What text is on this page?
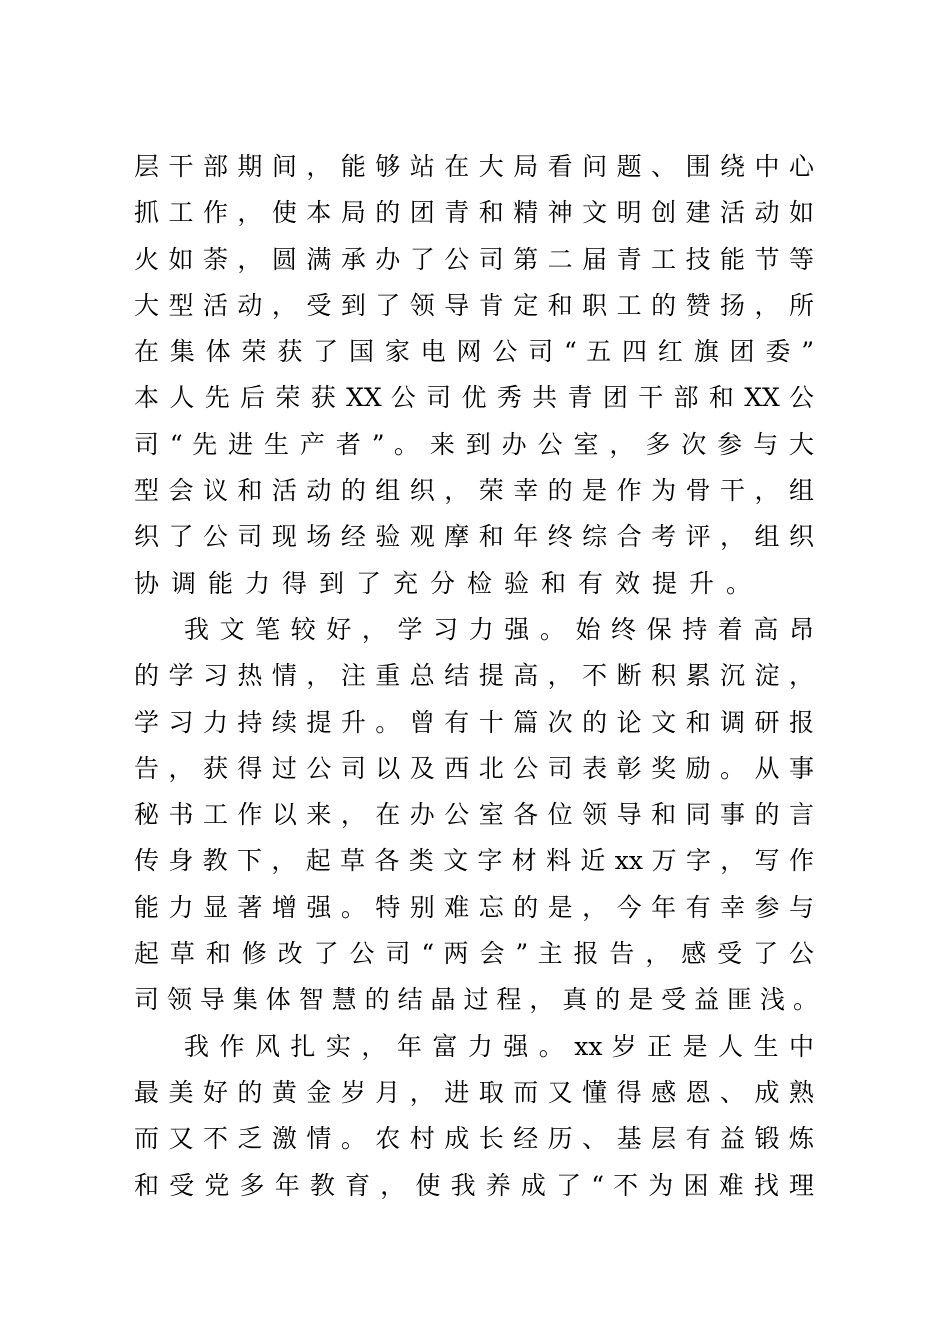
层 干 部 期 间 ， 能 够 站 在 大 局 看 问 题 、 围 绕 中 心
抓 工 作 ， 使 本 局 的 团 青 和 精 神 文 明 创 建 活 动 如
火 如 荼 ， 圆 满 承 办 了 公 司 第 二 届 青 工 技 能 节 等
大 型 活 动 ， 受 到 了 领 导 肯 定 和 职 工 的 赞 扬 ， 所
在 集 体 荣 获 了 国 家 电 网 公 司 “ 五 四 红 旗 团 委 ”
本 人 先 后 荣 获 XX 公 司 优 秀 共 青 团 干 部 和 XX 公
司 “ 先 进 生 产 者 ” 。 来 到 办 公 室 ， 多 次 参 与 大
型 会 议 和 活 动 的 组 织 ， 荣 幸 的 是 作 为 骨 干 ， 组
织 了 公 司 现 场 经 验 观 摩 和 年 终 综 合 考 评 ， 组 织
协调能力得到了充分检验和有效提升。
我 文 笔 较 好 ， 学 习 力 强 。 始 终 保 持 着 高 昂
的 学 习 热 情 ， 注 重 总 结 提 高 ， 不 断 积 累 沉 淀 ，
学 习 力 持 续 提 升 。 曾 有 十 篇 次 的 论 文 和 调 研 报
告 ， 获 得 过 公 司 以 及 西 北 公 司 表 彰 奖 励 。 从 事
秘 书 工 作 以 来 ， 在 办 公 室 各 位 领 导 和 同 事 的 言
传 身 教 下 ， 起 草 各 类 文 字 材 料 近 xx 万 字 ， 写 作
能 力 显 著 增 强 。 特 别 难 忘 的 是 ， 今 年 有 幸 参 与
起 草 和 修 改 了 公 司 “ 两 会 ” 主 报 告 ， 感 受 了 公
司 领 导 集 体 智 慧 的 结 晶 过 程 ， 真 的 是 受 益 匪 浅 。
我 作 风 扎 实 ， 年 富 力 强 。 xx 岁 正 是 人 生 中
最 美 好 的 黄 金 岁 月 ， 进 取 而 又 懂 得 感 恩 、 成 熟
而 又 不 乏 激 情 。 农 村 成 长 经 历 、 基 层 有 益 锻 炼
和 受 党 多 年 教 育 ， 使 我 养 成 了 “ 不 为 困 难 找 理
